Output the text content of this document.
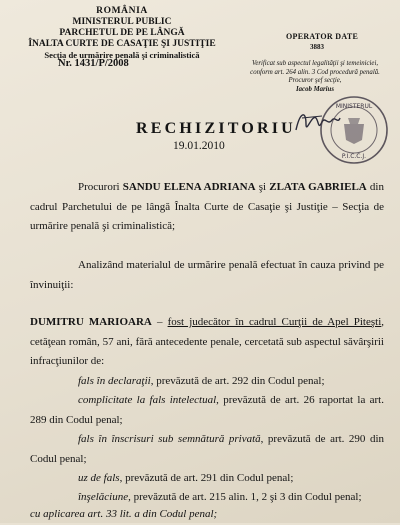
ROMÂNIA
MINISTERUL PUBLIC
PARCHETUL DE PE LÂNGĂ
ÎNALTA CURTE DE CASAŢIE ŞI JUSTIŢIE
Secţia de urmărire penală şi criminalistică
Nr. 1431/P/2008
OPERATOR DATE
3883
Verificat sub aspectul legalităţii şi temeiniciei,
conform art. 264 alin. 3 Cod procedură penală.
Procuror şef secţie,
Iacob Marius
MINISTERUL
P.I.C.C.J.
RECHIZITORIU
19.01.2010
Procurori SANDU ELENA ADRIANA şi ZLATA GABRIELA din cadrul Parchetului de pe lângă Înalta Curte de Casaţie şi Justiţie – Secţia de urmărire penală şi criminalistică;
Analizând materialul de urmărire penală efectuat în cauza privind pe învinuiţii:
DUMITRU MARIOARA – fost judecător în cadrul Curţii de Apel Piteşti, cetăţean român, 57 ani, fără antecedente penale, cercetată sub aspectul săvârşirii infracţiunilor de:
fals în declaraţii, prevăzută de art. 292 din Codul penal;
complicitate la fals intelectual, prevăzută de art. 26 raportat la art. 289 din Codul penal;
fals în înscrisuri sub semnătură privată, prevăzută de art. 290 din Codul penal;
uz de fals, prevăzută de art. 291 din Codul penal;
înşelăciune, prevăzută de art. 215 alin. 1, 2 şi 3 din Codul penal;
cu aplicarea art. 33 lit. a din Codul penal;
